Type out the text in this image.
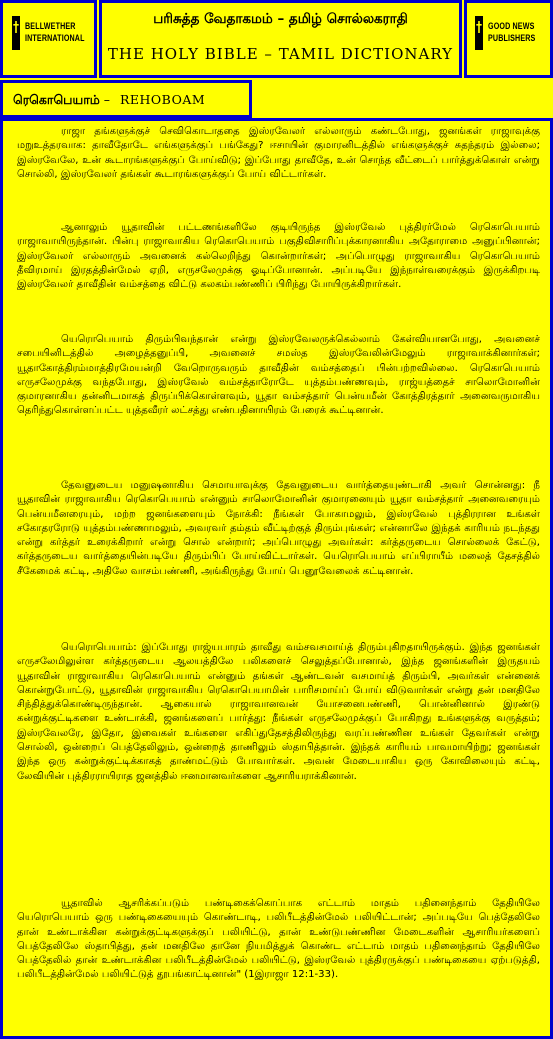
BELLWETHER
INTERNATIONAL
பரிசுத்த வேதாகமம் – தமிழ் சொல்லகராதி
THE HOLY BIBLE – TAMIL DICTIONARY
GOOD NEWS
PUBLISHERS
ரெகொபெயாம் – REHOBOAM

ராஜா தங்களுக்குச் செவிகொடாததை இஸ்ரவேலர் எல்லாரும் கண்டபோது, ஜனங்கள் ராஜாவுக்கு மறுஉத்தரவாக: தாவீதோடே எங்களுக்குப் பங்கேது? ஈசாயின் குமாரனிடத்தில் எங்களுக்குச் சுதந்தரம் இல்லை; இஸ்ரவேலே, உன் கூடாரங்களுக்குப் போய்விடு; இப்போது தாவீதே, உன் சொந்த வீட்டைப் பார்த்துக்கொள் என்று சொல்லி, இஸ்ரவேலர் தங்கள் கூடாரங்களுக்குப் போய் விட்டார்கள்.

ஆனாலும் யூதாவின் பட்டணங்களிலே குடியிருந்த இஸ்ரவேல் புத்திரர்மேல் ரெகொபெயாம் ராஜாவாயிருந்தான். பின்பு ராஜாவாகிய ரெகொபெயாம் பகுதிவிசாரிப்புக்காரனாகிய அதோராமை அனுப்பினான்; இஸ்ரவேலர் எல்லாரும் அவனைக் கல்லெறிந்து கொன்றார்கள்; அப்பொழுது ராஜாவாகிய ரெகொபெயாம் தீவிரமாய் இரதத்தின்மேல் ஏறி, எருசலேமுக்கு ஓடிப்போனான். அப்படியே இந்நாள்வரைக்கும் இருக்கிறபடி இஸ்ரவேலர் தாவீதின் வம்சத்தை விட்டு கலகம்பண்ணிப் பிரிந்து போயிருக்கிறார்கள்.

யெரொபெயாம் திரும்பிவந்தான் என்று இஸ்ரவேலருக்கெல்லாம் கேள்வியானபோது, அவனைச் சபையினிடத்தில் அழைத்தனுப்பி, அவனைச் சமஸ்த இஸ்ரவேலின்மேலும் ராஜாவாக்கினார்கள்; யூதாகோத்திரம்மாத்திரமேயன்றி வேறொருவரும் தாவீதின் வம்சத்தைப் பின்பற்றவில்லை. ரெகொபெயாம் எருசலேமுக்கு வந்தபோது, இஸ்ரவேல் வம்சத்தாரோடே யுத்தம்பண்ணவும், ராஜ்யத்தைச் சாலொமோனின் குமாரனாகிய தன்னிடமாகத் திருப்பிக்கொள்ளவும், யூதா வம்சத்தார் பென்யமீன் கோத்திரத்தார் அனைவருமாகிய தெரிந்துகொள்ளப்பட்ட யுத்தவீரர் லட்சத்து எண்பதினாயிரம் பேரைக் கூட்டினான்.

தேவனுடைய மனுஷனாகிய செமாயாவுக்கு தேவனுடைய வார்த்தையுண்டாகி அவர் சொன்னது: நீ யூதாவின் ராஜாவாகிய ரெகொபெயாம் என்னும் சாலொமோனின் குமாரனையும் யூதா வம்சத்தார் அனைவரையும் பென்யமீனரையும், மற்ற ஜனங்களையும் நோக்கி: நீங்கள் போகாமலும், இஸ்ரவேல் புத்திரரான உங்கள் சகோதரரோடு யுத்தம்பண்ணாமலும், அவரவர் தம்தம் வீட்டிற்குத் திரும்புங்கள்; என்னாலே இந்தக் காரியம் நடந்தது என்று கர்த்தர் உரைக்கிறார் என்று சொல் என்றார்; அப்பொழுது அவர்கள்: கர்த்தருடைய சொல்லைக் கேட்டு, கர்த்தருடைய வார்த்தையின்படியே திரும்பிப் போய்விட்டார்கள். யெரொபெயாம் எப்பிராயீம் மலைத் தேசத்தில் சீகேமைக் கட்டி, அதிலே வாசம்பண்ணி, அங்கிருந்து போய் பெனூவேலைக் கட்டினான்.

யெரொபெயாம்: இப்போது ராஜ்யபாரம் தாவீது வம்சவசமாய்த் திரும்புகிறதாயிருக்கும். இந்த ஜனங்கள் எருசலேமிலுள்ள கர்த்தருடைய ஆலயத்திலே பலிகளைச் செலுத்தப்போனால், இந்த ஜனங்களின் இருதயம் யூதாவின் ராஜாவாகிய ரெகொபெயாம் என்னும் தங்கள் ஆண்டவன் வசமாய்த் திரும்பி, அவர்கள் என்னைக் கொன்றுபோட்டு, யூதாவின் ராஜாவாகிய ரெகொபெயாமின் பாரிசமாய்ப் போய் விடுவார்கள் என்று தன் மனதிலே சிந்தித்துக்கொண்டிருந்தான். ஆகையால் ராஜாவானவன் யோசனைபண்ணி, பொன்னினால் இரண்டு கன்றுக்குட்டிகளை உண்டாக்கி, ஜனங்களைப் பார்த்து: நீங்கள் எருசலேமுக்குப் போகிறது உங்களுக்கு வருத்தம்; இஸ்ரவேலரே, இதோ, இவைகள் உங்களை எகிப்துதேசத்திலிருந்து வரப்பண்ணின உங்கள் தேவர்கள் என்று சொல்லி, ஒன்றைப் பெத்தேலிலும், ஒன்றைத் தாணிலும் ஸ்தாபித்தான். இந்தக் காரியம் பாவமாயிற்று; ஜனங்கள் இந்த ஒரு கன்றுக்குட்டிக்காகத் தாண்மட்டும் போவார்கள். அவன் மேடையாகிய ஒரு கோவிலையும் கட்டி, லேவியின் புத்திரராயிராத ஜனத்தில் ஈனமானவர்களை ஆசாரியராக்கினான்.

யூதாவில் ஆசரிக்கப்படும் பண்டிகைக்கொப்பாக எட்டாம் மாதம் பதினைந்தாம் தேதியிலே யெரொபெயாம் ஒரு பண்டிகையையும் கொண்டாடி, பலிபீடத்தின்மேல் பலியிட்டான்; அப்படியே பெத்தேலிலே தான் உண்டாக்கின கன்றுக்குட்டிகளுக்குப் பலியிட்டு, தான் உண்டுபண்ணின மேடைகளின் ஆசாரியர்களைப் பெத்தேலிலே ஸ்தாபித்து, தன் மனதிலே தானே நியமித்துக் கொண்ட எட்டாம் மாதம் பதினைந்தாம் தேதியிலே பெத்தேலில் தான் உண்டாக்கின பலிபீடத்தின்மேல் பலியிட்டு, இஸ்ரவேல் புத்திரருக்குப் பண்டிகையை ஏற்படுத்தி, பலிபீடத்தின்மேல் பலியிட்டுத் தூபங்காட்டினான்" (1இராஜா 12:1-33).
